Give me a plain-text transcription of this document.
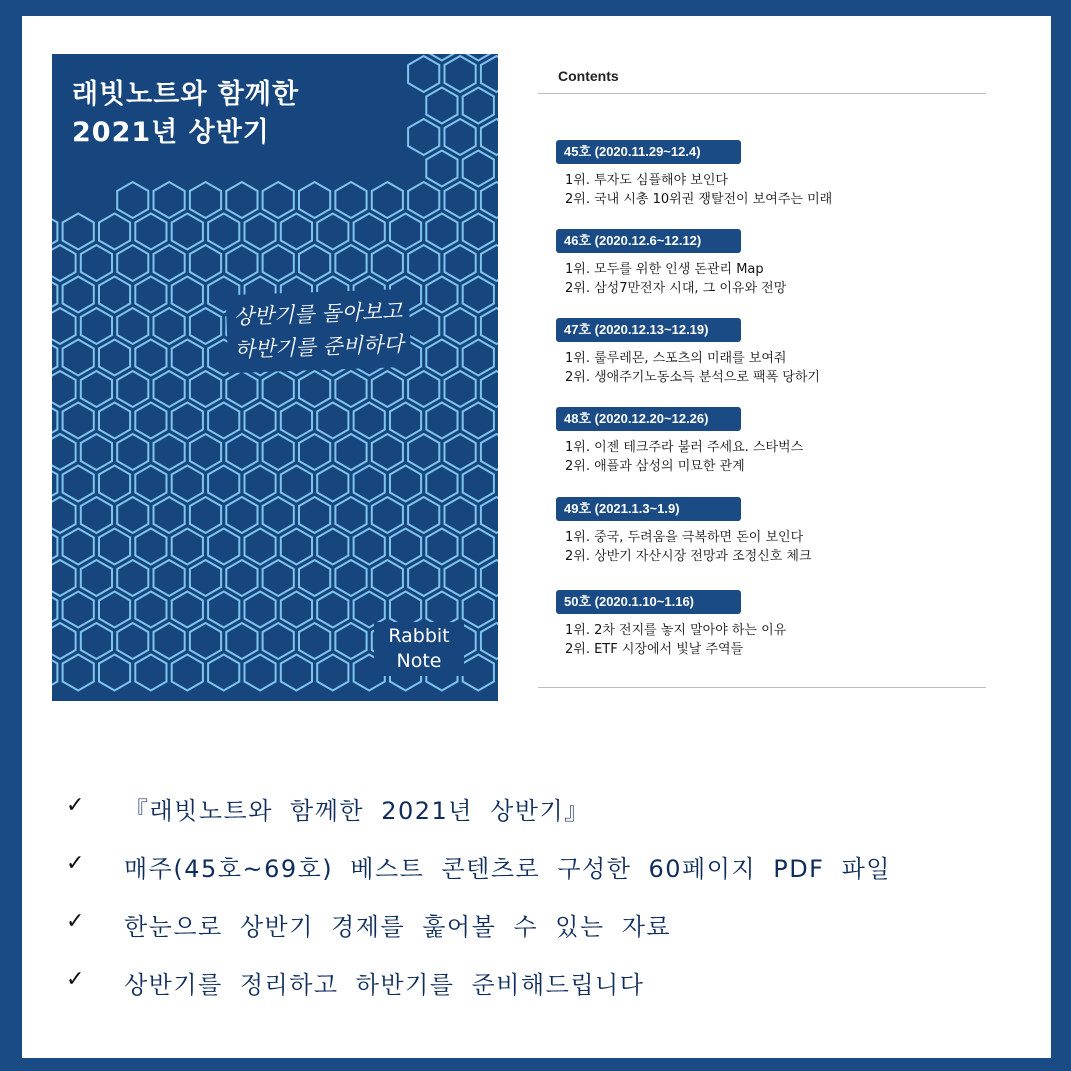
래빗노트와 함께한
2021년 상반기
상반기를 돌아보고
하반기를 준비하다
Rabbit
Note
Contents
45호 (2020.11.29~12.4)
1위. 투자도 심플해야 보인다
2위. 국내 시총 10위권 쟁탈전이 보여주는 미래
46호 (2020.12.6~12.12)
1위. 모두를 위한 인생 돈관리 Map
2위. 삼성7만전자 시대, 그 이유와 전망
47호 (2020.12.13~12.19)
1위. 룰루레몬, 스포츠의 미래를 보여줘
2위. 생애주기노동소득 분석으로 팩폭 당하기
48호 (2020.12.20~12.26)
1위. 이젠 테크주라 불러 주세요. 스타벅스
2위. 애플과 삼성의 미묘한 관계
49호 (2021.1.3~1.9)
1위. 중국, 두려움을 극복하면 돈이 보인다
2위. 상반기 자산시장 전망과 조정신호 체크
50호 (2020.1.10~1.16)
1위. 2차 전지를 놓지 말아야 하는 이유
2위. ETF 시장에서 빛날 주역들
✓ 『래빗노트와 함께한 2021년 상반기』
✓ 매주(45호~69호) 베스트 콘텐츠로 구성한 60페이지 PDF 파일
✓ 한눈으로 상반기 경제를 훑어볼 수 있는 자료
✓ 상반기를 정리하고 하반기를 준비해드립니다
